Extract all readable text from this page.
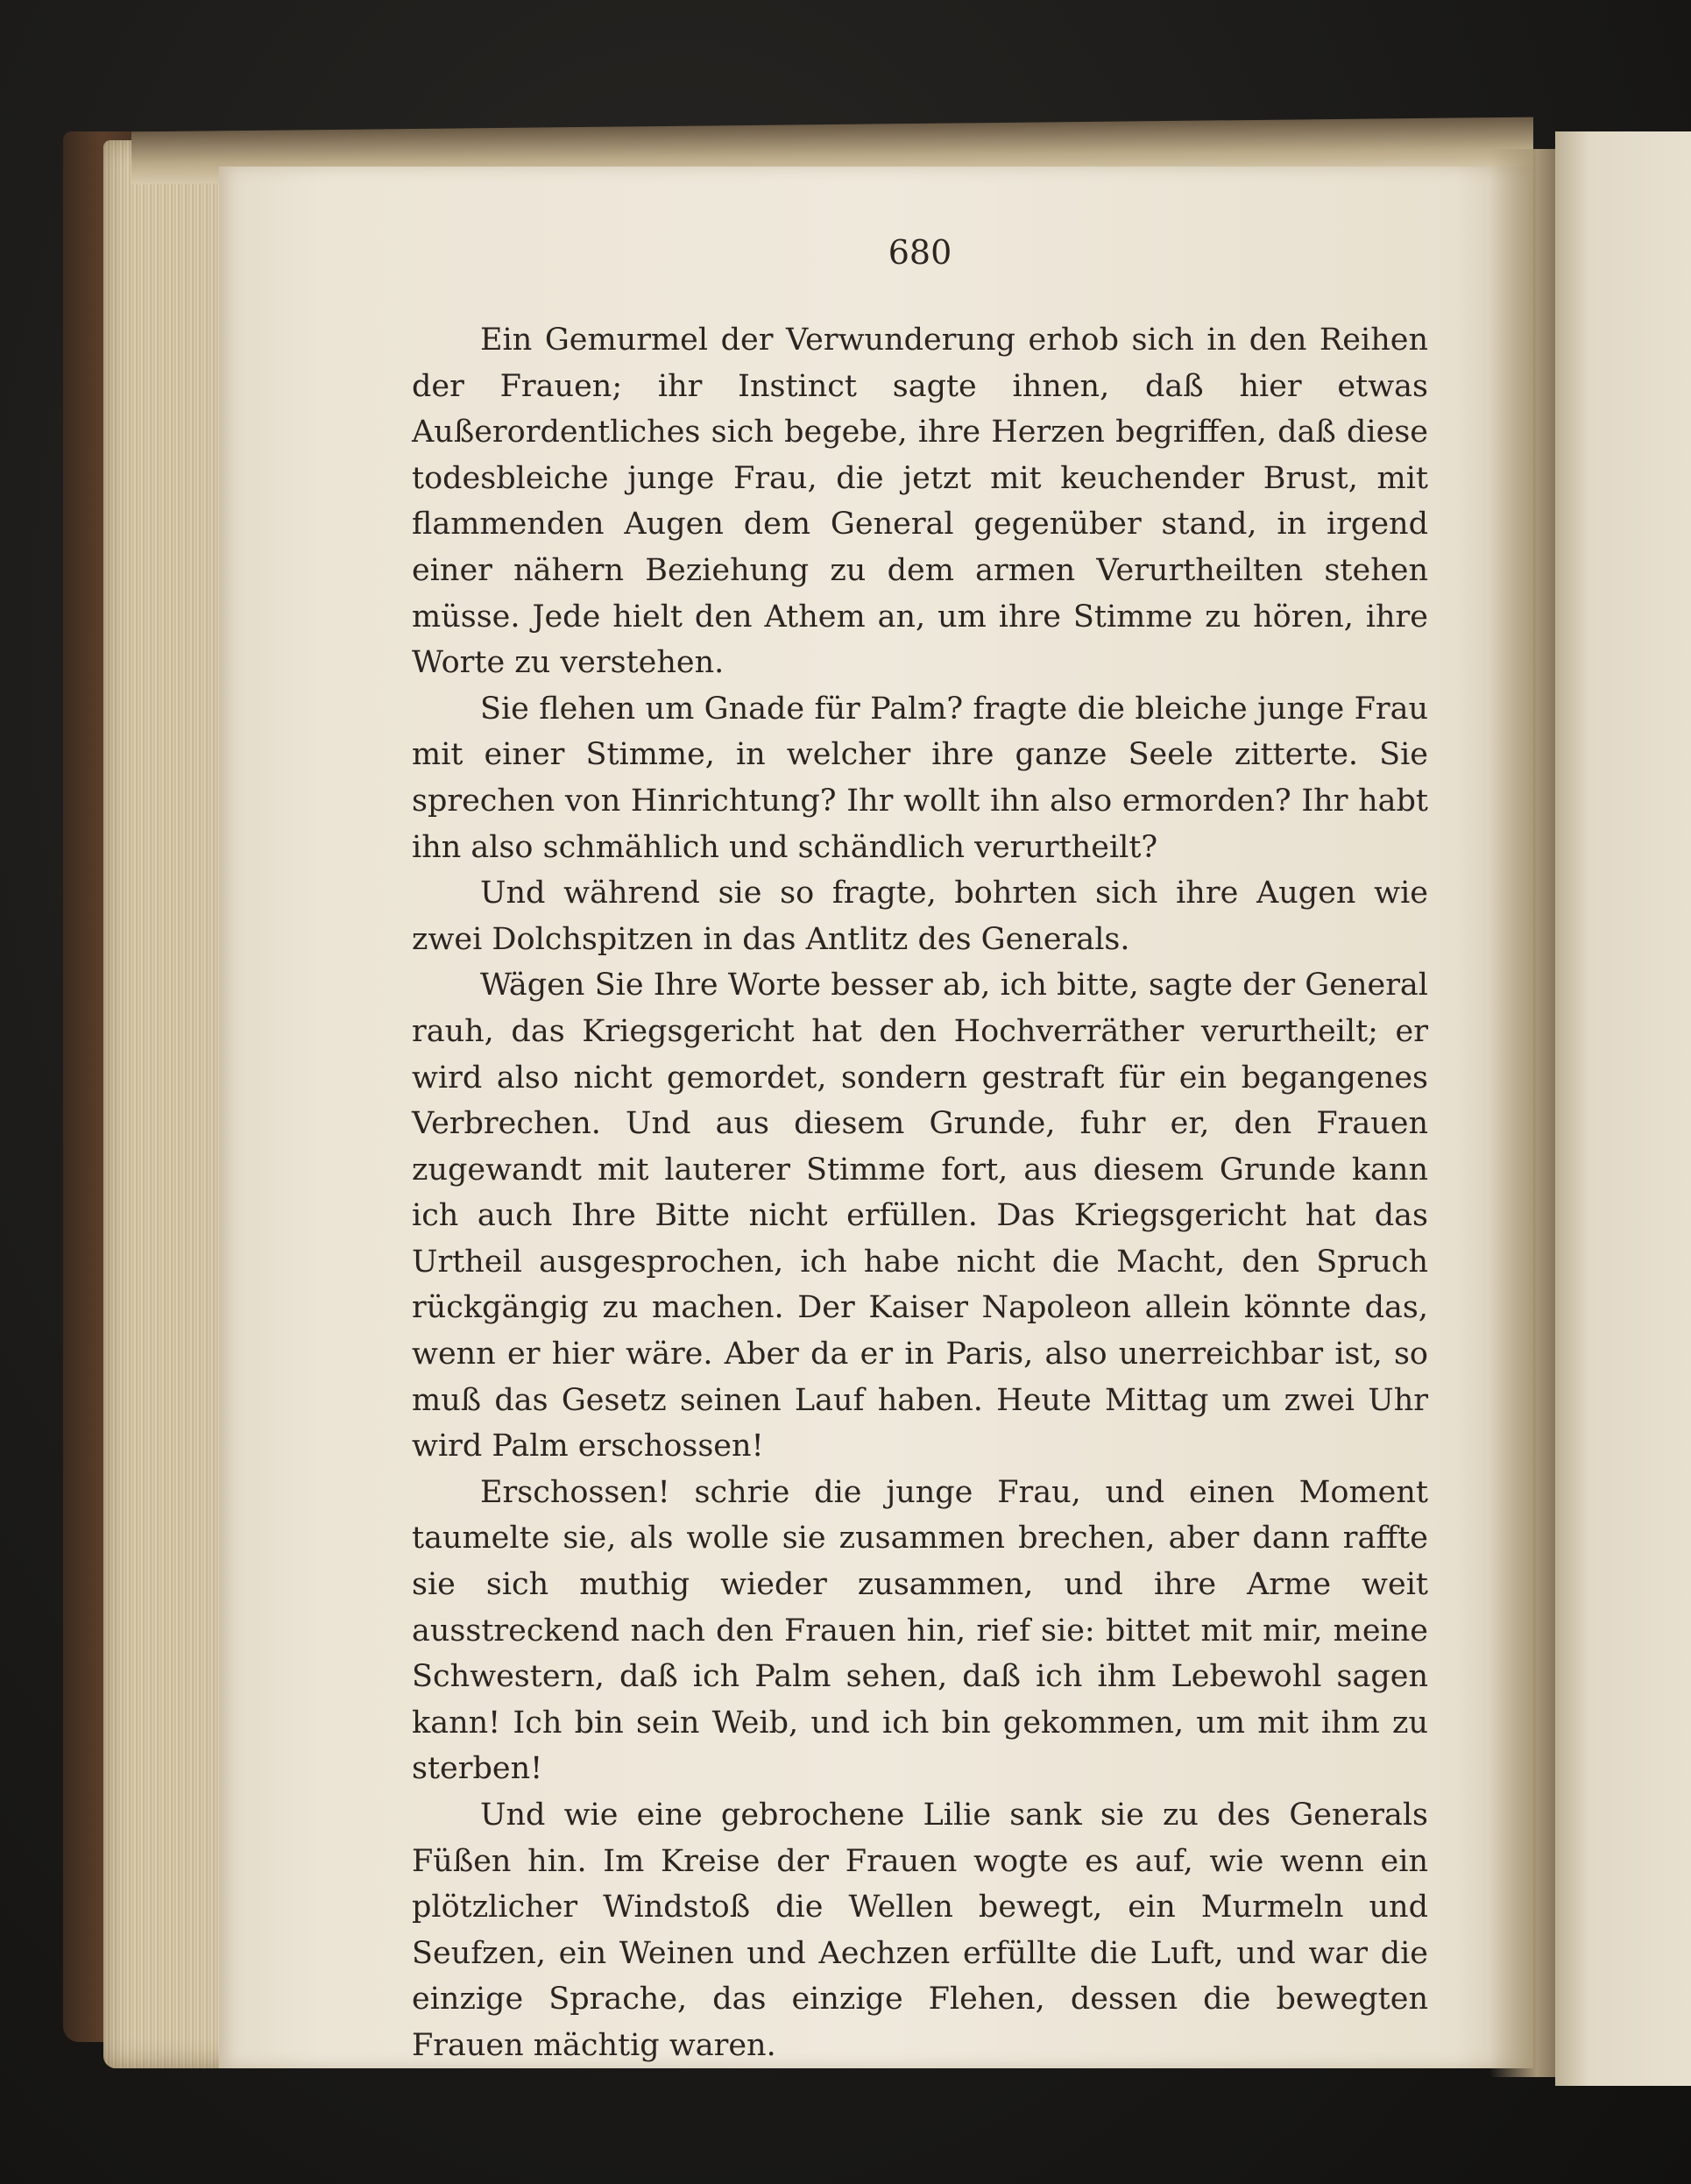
680

Ein Gemurmel der Verwunderung erhob sich in den Reihen der Frauen; ihr Instinct sagte ihnen, daß hier etwas Außerordentliches sich begebe, ihre Herzen begriffen, daß diese todesbleiche junge Frau, die jetzt mit keuchender Brust, mit flammenden Augen dem General gegenüber stand, in irgend einer nähern Beziehung zu dem armen Verurtheilten stehen müsse. Jede hielt den Athem an, um ihre Stimme zu hören, ihre Worte zu verstehen.

Sie flehen um Gnade für Palm? fragte die bleiche junge Frau mit einer Stimme, in welcher ihre ganze Seele zitterte. Sie sprechen von Hinrichtung? Ihr wollt ihn also ermorden? Ihr habt ihn also schmählich und schändlich verurtheilt?

Und während sie so fragte, bohrten sich ihre Augen wie zwei Dolchspitzen in das Antlitz des Generals.

Wägen Sie Ihre Worte besser ab, ich bitte, sagte der General rauh, das Kriegsgericht hat den Hochverräther verurtheilt; er wird also nicht gemordet, sondern gestraft für ein begangenes Verbrechen. Und aus diesem Grunde, fuhr er, den Frauen zugewandt mit lauterer Stimme fort, aus diesem Grunde kann ich auch Ihre Bitte nicht erfüllen. Das Kriegsgericht hat das Urtheil ausgesprochen, ich habe nicht die Macht, den Spruch rückgängig zu machen. Der Kaiser Napoleon allein könnte das, wenn er hier wäre. Aber da er in Paris, also unerreichbar ist, so muß das Gesetz seinen Lauf haben. Heute Mittag um zwei Uhr wird Palm erschossen!

Erschossen! schrie die junge Frau, und einen Moment taumelte sie, als wolle sie zusammen brechen, aber dann raffte sie sich muthig wieder zusammen, und ihre Arme weit ausstreckend nach den Frauen hin, rief sie: bittet mit mir, meine Schwestern, daß ich Palm sehen, daß ich ihm Lebewohl sagen kann! Ich bin sein Weib, und ich bin gekommen, um mit ihm zu sterben!

Und wie eine gebrochene Lilie sank sie zu des Generals Füßen hin. Im Kreise der Frauen wogte es auf, wie wenn ein plötzlicher Windstoß die Wellen bewegt, ein Murmeln und Seufzen, ein Weinen und Aechzen erfüllte die Luft, und war die einzige Sprache, das einzige Flehen, dessen die bewegten Frauen mächtig waren.
